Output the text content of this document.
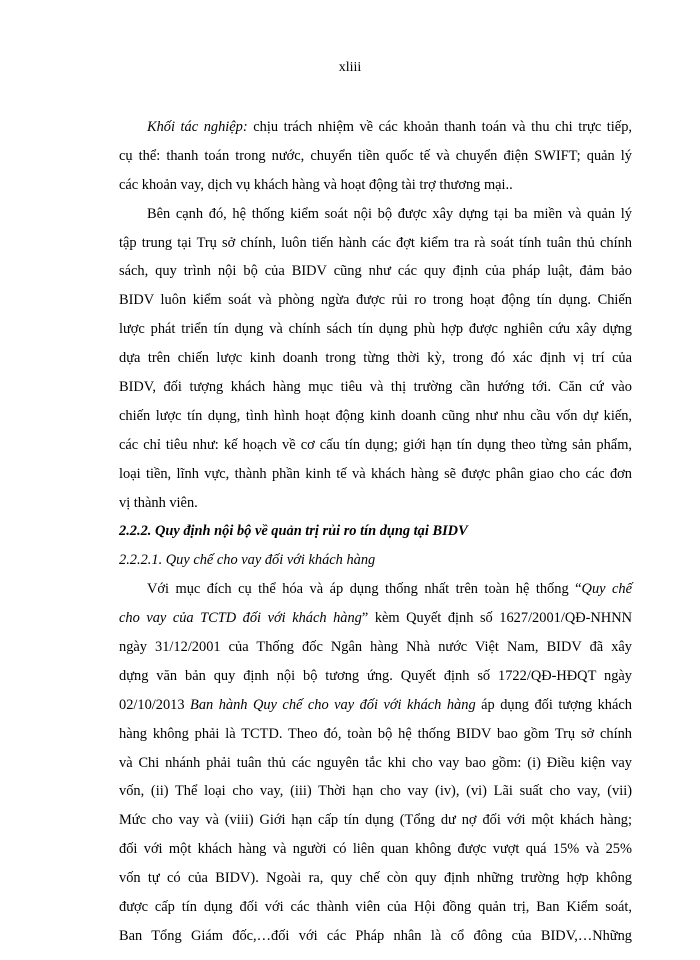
xliii
Khối tác nghiệp: chịu trách nhiệm về các khoản thanh toán và thu chi trực tiếp,
cụ thể: thanh toán trong nước, chuyển tiền quốc tế và chuyển điện SWIFT; quản lý
các khoản vay, dịch vụ khách hàng và hoạt động tài trợ thương mại..
Bên cạnh đó, hệ thống kiểm soát nội bộ được xây dựng tại ba miền và quản lý
tập trung tại Trụ sở chính, luôn tiến hành các đợt kiểm tra rà soát tính tuân thủ chính
sách, quy trình nội bộ của BIDV cũng như các quy định của pháp luật, đảm bảo
BIDV luôn kiểm soát và phòng ngừa được rủi ro trong hoạt động tín dụng. Chiến
lược phát triển tín dụng và chính sách tín dụng phù hợp được nghiên cứu xây dựng
dựa trên chiến lược kinh doanh trong từng thời kỳ, trong đó xác định vị trí của
BIDV, đối tượng khách hàng mục tiêu và thị trường cần hướng tới. Căn cứ vào
chiến lược tín dụng, tình hình hoạt động kinh doanh cũng như nhu cầu vốn dự kiến,
các chỉ tiêu như: kế hoạch về cơ cấu tín dụng; giới hạn tín dụng theo từng sản phẩm,
loại tiền, lĩnh vực, thành phần kinh tế và khách hàng sẽ được phân giao cho các đơn
vị thành viên.
2.2.2. Quy định nội bộ về quản trị rủi ro tín dụng tại BIDV
2.2.2.1. Quy chế cho vay đối với khách hàng
Với mục đích cụ thể hóa và áp dụng thống nhất trên toàn hệ thống “Quy chế
cho vay của TCTD đối với khách hàng” kèm Quyết định số 1627/2001/QĐ-NHNN
ngày 31/12/2001 của Thống đốc Ngân hàng Nhà nước Việt Nam, BIDV đã xây
dựng văn bản quy định nội bộ tương ứng. Quyết định số 1722/QĐ-HĐQT ngày
02/10/2013 Ban hành Quy chế cho vay đối với khách hàng áp dụng đối tượng khách
hàng không phải là TCTD. Theo đó, toàn bộ hệ thống BIDV bao gồm Trụ sở chính
và Chi nhánh phải tuân thủ các nguyên tắc khi cho vay bao gồm: (i) Điều kiện vay
vốn, (ii) Thể loại cho vay, (iii) Thời hạn cho vay (iv), (vi) Lãi suất cho vay, (vii)
Mức cho vay và (viii) Giới hạn cấp tín dụng (Tổng dư nợ đối với một khách hàng;
đối với một khách hàng và người có liên quan không được vượt quá 15% và 25%
vốn tự có của BIDV). Ngoài ra, quy chế còn quy định những trường hợp không
được cấp tín dụng đối với các thành viên của Hội đồng quản trị, Ban Kiểm soát,
Ban Tổng Giám đốc,…đối với các Pháp nhân là cổ đông của BIDV,…Những
